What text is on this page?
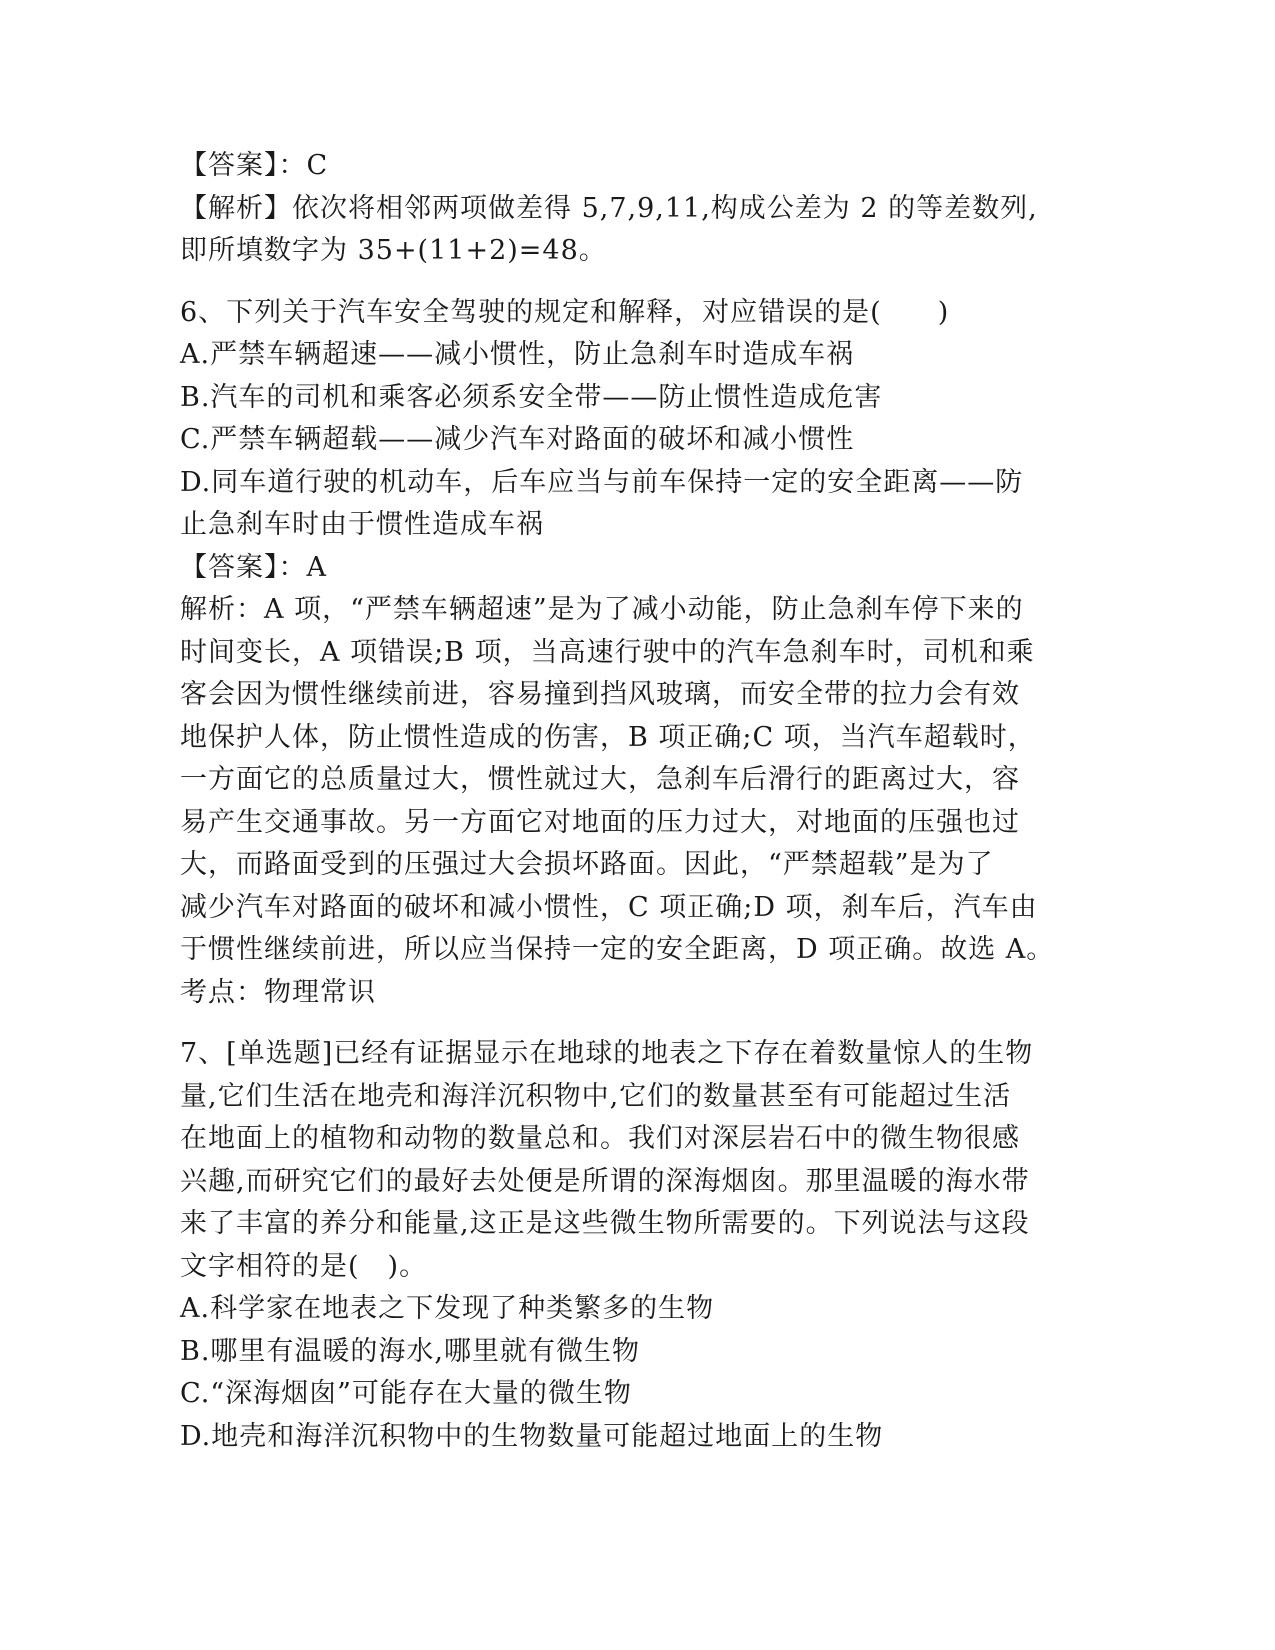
【答案】：C
【解析】依次将相邻两项做差得 5,7,9,11,构成公差为 2 的等差数列,
即所填数字为 35+(11+2)=48。
6、下列关于汽车安全驾驶的规定和解释，对应错误的是(　　)
A.严禁车辆超速——减小惯性，防止急刹车时造成车祸
B.汽车的司机和乘客必须系安全带——防止惯性造成危害
C.严禁车辆超载——减少汽车对路面的破坏和减小惯性
D.同车道行驶的机动车，后车应当与前车保持一定的安全距离——防
止急刹车时由于惯性造成车祸
【答案】：A
解析：A 项，“严禁车辆超速”是为了减小动能，防止急刹车停下来的
时间变长，A 项错误;B 项，当高速行驶中的汽车急刹车时，司机和乘
客会因为惯性继续前进，容易撞到挡风玻璃，而安全带的拉力会有效
地保护人体，防止惯性造成的伤害，B 项正确;C 项，当汽车超载时，
一方面它的总质量过大，惯性就过大，急刹车后滑行的距离过大，容
易产生交通事故。另一方面它对地面的压力过大，对地面的压强也过
大，而路面受到的压强过大会损坏路面。因此，“严禁超载”是为了
减少汽车对路面的破坏和减小惯性，C 项正确;D 项，刹车后，汽车由
于惯性继续前进，所以应当保持一定的安全距离，D 项正确。故选 A。
考点：物理常识
7、[单选题]已经有证据显示在地球的地表之下存在着数量惊人的生物
量,它们生活在地壳和海洋沉积物中,它们的数量甚至有可能超过生活
在地面上的植物和动物的数量总和。我们对深层岩石中的微生物很感
兴趣,而研究它们的最好去处便是所谓的深海烟囱。那里温暖的海水带
来了丰富的养分和能量,这正是这些微生物所需要的。下列说法与这段
文字相符的是(　)。
A.科学家在地表之下发现了种类繁多的生物
B.哪里有温暖的海水,哪里就有微生物
C.“深海烟囱”可能存在大量的微生物
D.地壳和海洋沉积物中的生物数量可能超过地面上的生物
